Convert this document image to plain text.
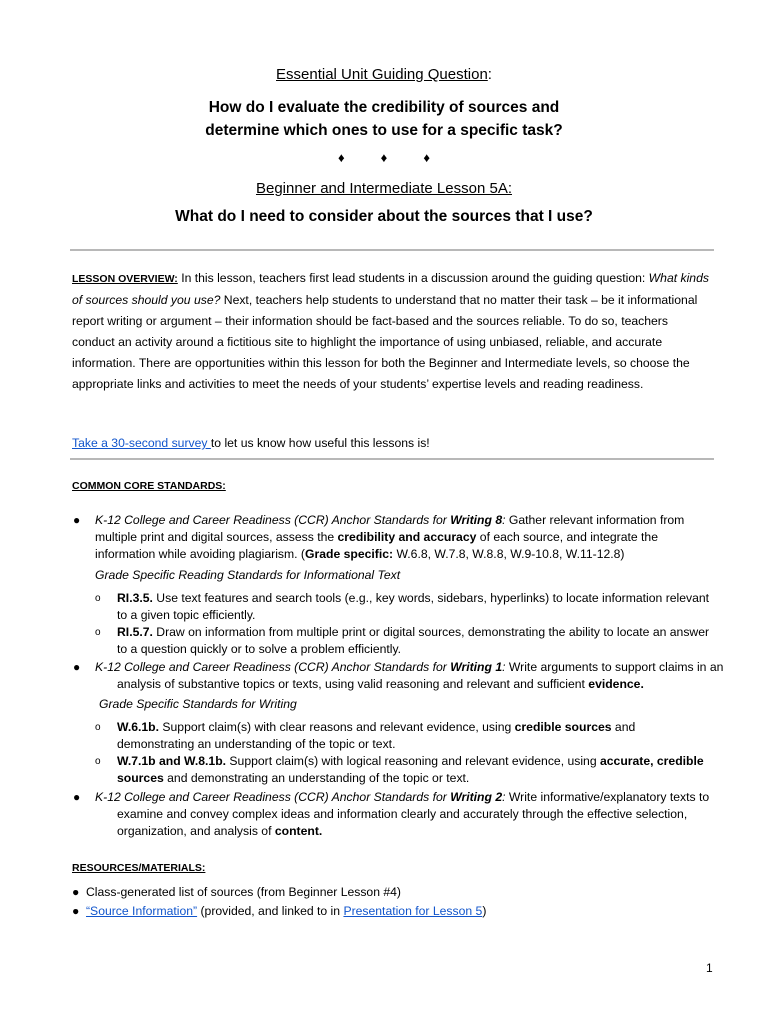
Essential Unit Guiding Question:
How do I evaluate the credibility of sources and
determine which ones to use for a specific task?
♦	♦	♦
Beginner and Intermediate Lesson 5A:
What do I need to consider about the sources that I use?
LESSON OVERVIEW: In this lesson, teachers first lead students in a discussion around the guiding question: What kinds of sources should you use? Next, teachers help students to understand that no matter their task – be it informational report writing or argument – their information should be fact-based and the sources reliable. To do so, teachers conduct an activity around a fictitious site to highlight the importance of using unbiased, reliable, and accurate information. There are opportunities within this lesson for both the Beginner and Intermediate levels, so choose the appropriate links and activities to meet the needs of your students’ expertise levels and reading readiness.
Take a 30-second survey to let us know how useful this lessons is!
COMMON CORE STANDARDS:
● K-12 College and Career Readiness (CCR) Anchor Standards for Writing 8: Gather relevant information from multiple print and digital sources, assess the credibility and accuracy of each source, and integrate the information while avoiding plagiarism. (Grade specific: W.6.8, W.7.8, W.8.8, W.9-10.8, W.11-12.8)
Grade Specific Reading Standards for Informational Text
o RI.3.5. Use text features and search tools (e.g., key words, sidebars, hyperlinks) to locate information relevant to a given topic efficiently.
o RI.5.7. Draw on information from multiple print or digital sources, demonstrating the ability to locate an answer to a question quickly or to solve a problem efficiently.
● K-12 College and Career Readiness (CCR) Anchor Standards for Writing 1: Write arguments to support claims in an analysis of substantive topics or texts, using valid reasoning and relevant and sufficient evidence.
Grade Specific Standards for Writing
o W.6.1b. Support claim(s) with clear reasons and relevant evidence, using credible sources and demonstrating an understanding of the topic or text.
o W.7.1b and W.8.1b. Support claim(s) with logical reasoning and relevant evidence, using accurate, credible sources and demonstrating an understanding of the topic or text.
● K-12 College and Career Readiness (CCR) Anchor Standards for Writing 2: Write informative/explanatory texts to examine and convey complex ideas and information clearly and accurately through the effective selection, organization, and analysis of content.
RESOURCES/MATERIALS:
● Class-generated list of sources (from Beginner Lesson #4)
● “Source Information” (provided, and linked to in Presentation for Lesson 5)
1
